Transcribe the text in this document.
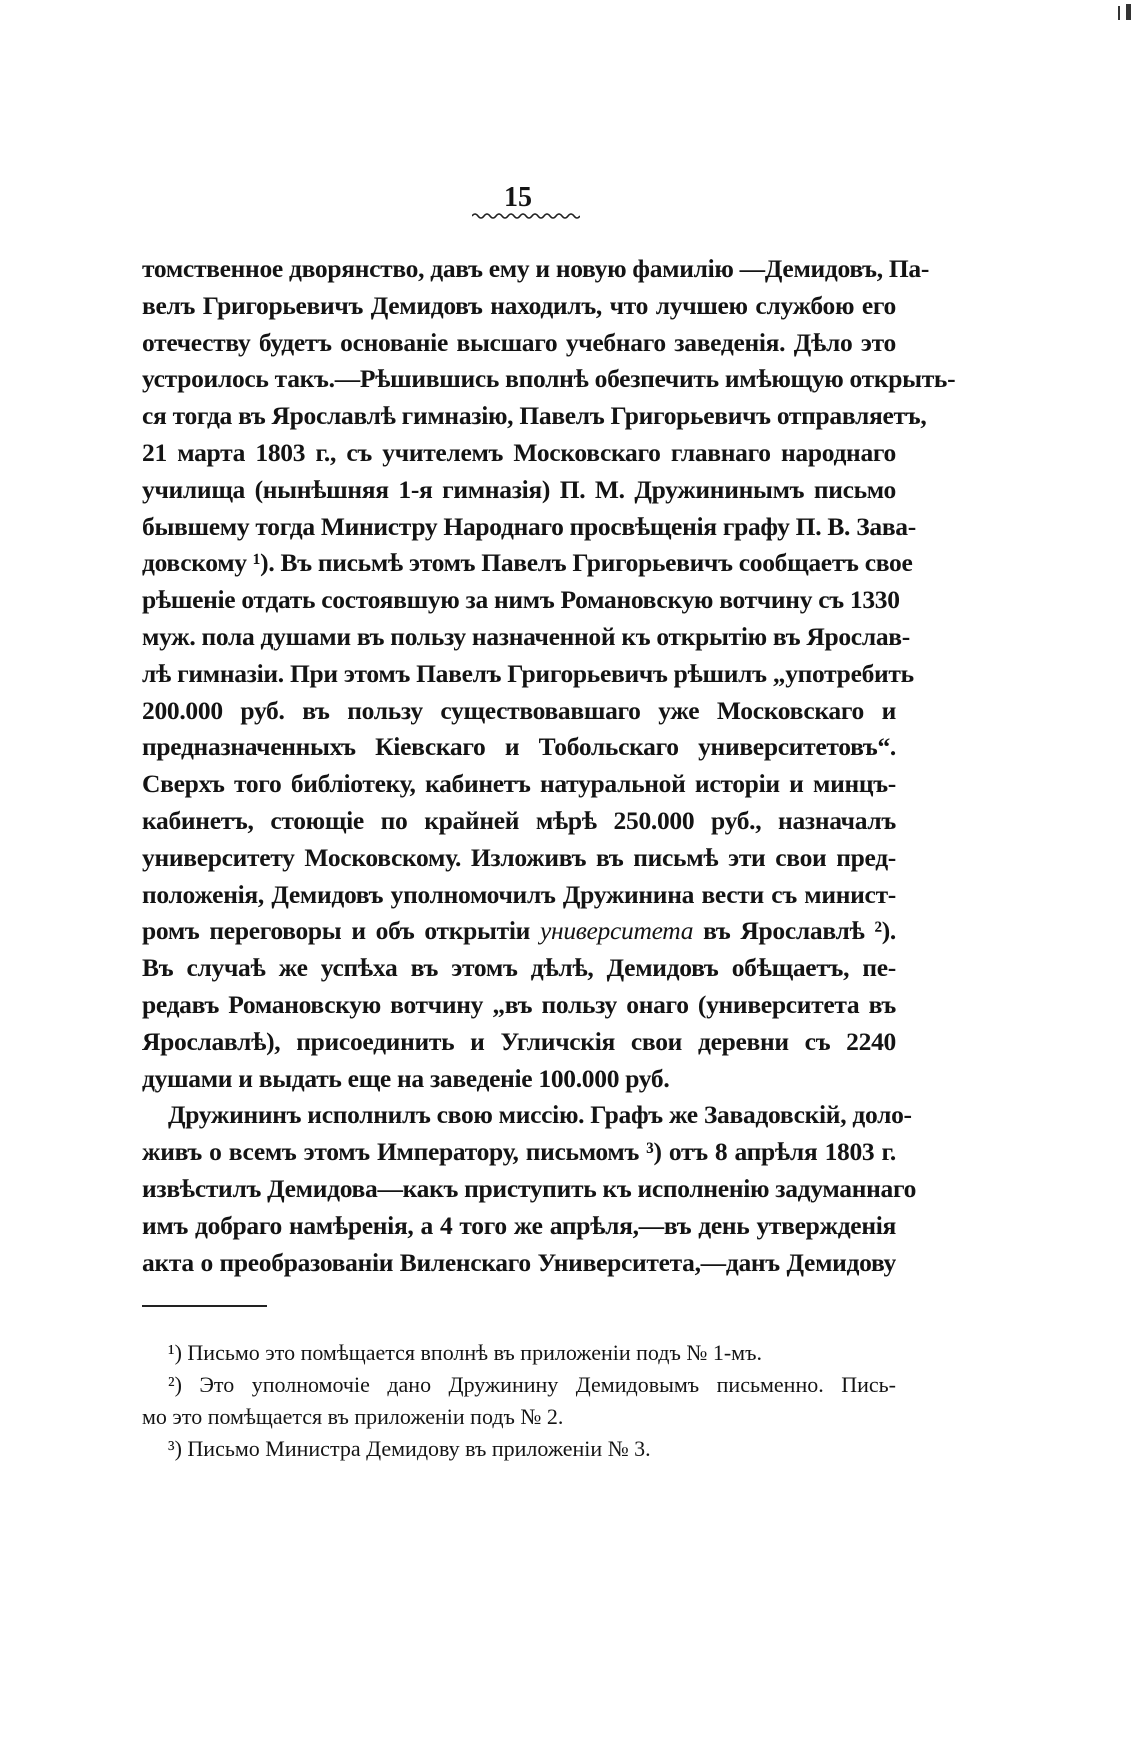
15
томственное дворянство, давъ ему и новую фамилію —Демидовъ, Па-
велъ Григорьевичъ Демидовъ находилъ, что лучшею службою его
отечеству будетъ основаніе высшаго учебнаго заведенія. Дѣло это
устроилось такъ.—Рѣшившись вполнѣ обезпечить имѣющую открыть-
ся тогда въ Ярославлѣ гимназію, Павелъ Григорьевичъ отправляетъ,
21 марта 1803 г., съ учителемъ Московскаго главнаго народнаго
училища (нынѣшняя 1-я гимназія) П. М. Дружининымъ письмо
бывшему тогда Министру Народнаго просвѣщенія графу П. В. Зава-
довскому ¹). Въ письмѣ этомъ Павелъ Григорьевичъ сообщаетъ свое
рѣшеніе отдать состоявшую за нимъ Романовскую вотчину съ 1330
муж. пола душами въ пользу назначенной къ открытію въ Ярослав-
лѣ гимназіи. При этомъ Павелъ Григорьевичъ рѣшилъ „употребить
200.000 руб. въ пользу существовавшаго уже Московскаго и
предназначенныхъ Кіевскаго и Тобольскаго университетовъ“.
Сверхъ того библіотеку, кабинетъ натуральной исторіи и минцъ-
кабинетъ, стоющіе по крайней мѣрѣ 250.000 руб., назначалъ
университету Московскому. Изложивъ въ письмѣ эти свои пред-
положенія, Демидовъ уполномочилъ Дружинина вести съ минист-
ромъ переговоры и объ открытіи университета въ Ярославлѣ ²).
Въ случаѣ же успѣха въ этомъ дѣлѣ, Демидовъ обѣщаетъ, пе-
редавъ Романовскую вотчину „въ пользу онаго (университета въ
Ярославлѣ), присоединить и Угличскія свои деревни съ 2240
душами и выдать еще на заведеніе 100.000 руб.
Дружининъ исполнилъ свою миссію. Графъ же Завадовскій, доло-
живъ о всемъ этомъ Императору, письмомъ ³) отъ 8 апрѣля 1803 г.
извѣстилъ Демидова—какъ приступить къ исполненію задуманнаго
имъ добраго намѣренія, а 4 того же апрѣля,—въ день утвержденія
акта о преобразованіи Виленскаго Университета,—данъ Демидову
¹) Письмо это помѣщается вполнѣ въ приложеніи подъ № 1-мъ.
²) Это уполномочіе дано Дружинину Демидовымъ письменно. Пись-
мо это помѣщается въ приложеніи подъ № 2.
³) Письмо Министра Демидову въ приложеніи № 3.
